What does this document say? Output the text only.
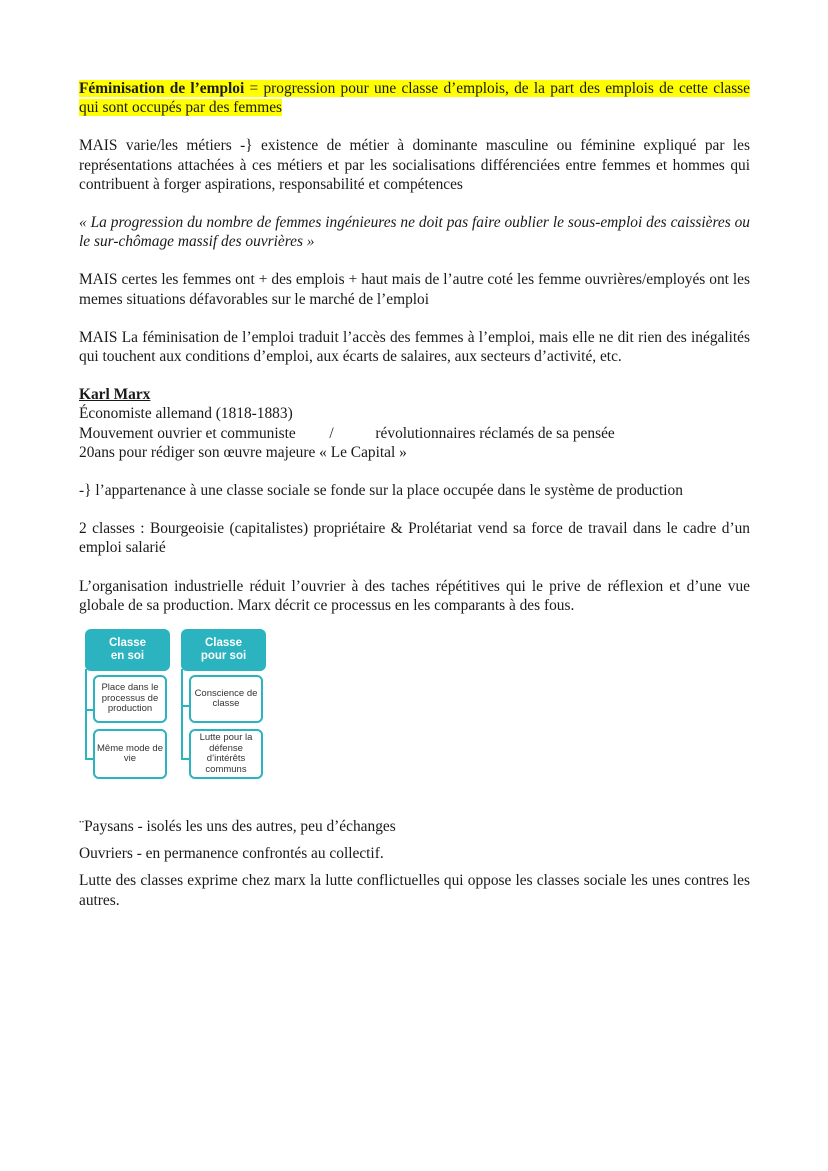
Féminisation de l’emploi = progression pour une classe d’emplois, de la part des emplois de cette classe qui sont occupés par des femmes

MAIS varie/les métiers -} existence de métier à dominante masculine ou féminine expliqué par les représentations attachées à ces métiers et par les socialisations différenciées entre femmes et hommes qui contribuent à forger aspirations, responsabilité et compétences

« La progression du nombre de femmes ingénieures ne doit pas faire oublier le sous-emploi des caissières ou le sur-chômage massif des ouvrières »

MAIS certes les femmes ont + des emplois + haut mais de l’autre coté les femme ouvrières/employés ont les memes situations défavorables sur le marché de l’emploi

MAIS La féminisation de l’emploi traduit l’accès des femmes à l’emploi, mais elle ne dit rien des inégalités qui touchent aux conditions d’emploi, aux écarts de salaires, aux secteurs d’activité, etc.

Karl Marx

Économiste allemand (1818-1883)

Mouvement ouvrier et communiste /	révolutionnaires réclamés de sa pensée

20ans pour rédiger son œuvre majeure « Le Capital »

-} l’appartenance à une classe sociale se fonde sur la place occupée dans le système de production

2 classes : Bourgeoisie (capitalistes) propriétaire & Prolétariat vend sa force de travail dans le cadre d’un emploi salarié

L’organisation industrielle réduit l’ouvrier à des taches répétitives qui le prive de réflexion et d’une vue globale de sa production. Marx décrit ce processus en les comparants à des fous.

Classe
en soi
Classe
pour soi
Place dans le processus de production
Même mode de vie
Conscience de classe
Lutte pour la défense d’intérêts communs

¨Paysans - isolés les uns des autres, peu d’échanges

Ouvriers - en permanence confrontés au collectif.

Lutte des classes exprime chez marx la lutte conflictuelles qui oppose les classes sociale les unes contres les autres.
